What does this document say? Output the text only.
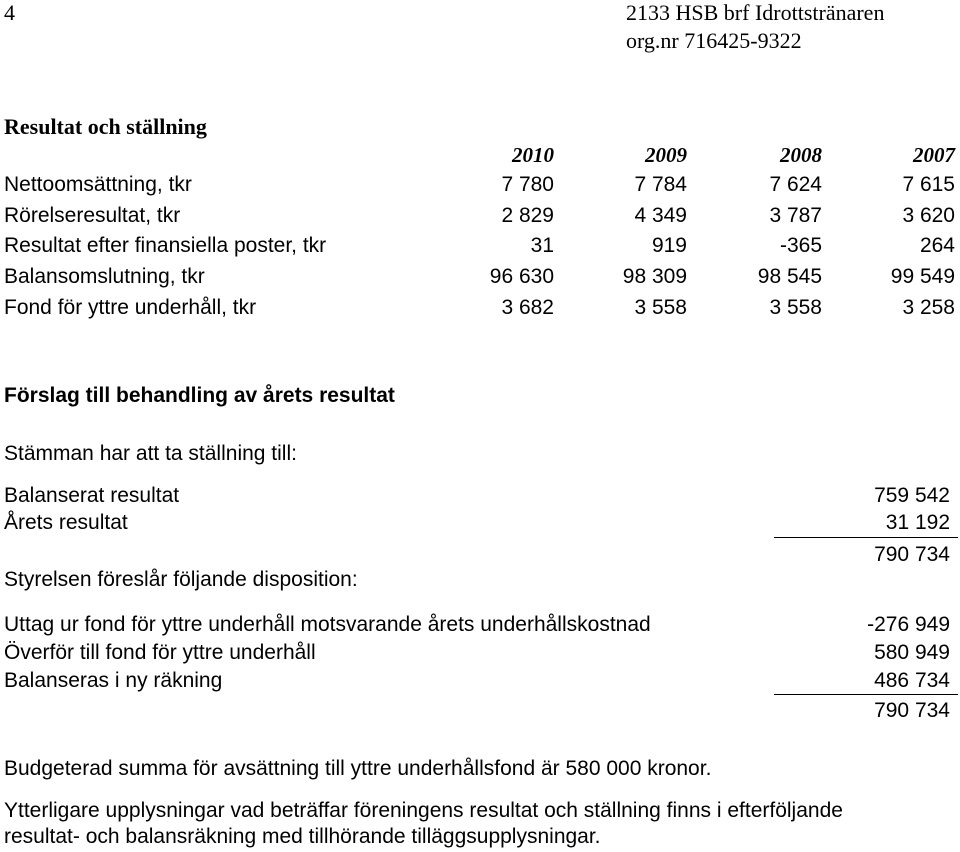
4	2133 HSB brf Idrottstränaren
org.nr 716425-9322
Resultat och ställning
2010	2009	2008	2007
Nettoomsättning, tkr	7 780	7 784	7 624	7 615
Rörelseresultat, tkr	2 829	4 349	3 787	3 620
Resultat efter finansiella poster, tkr	31	919	-365	264
Balansomslutning, tkr	96 630	98 309	98 545	99 549
Fond för yttre underhåll, tkr	3 682	3 558	3 558	3 258
Förslag till behandling av årets resultat
Stämman har att ta ställning till:
Balanserat resultat	759 542
Årets resultat	31 192
790 734
Styrelsen föreslår följande disposition:
Uttag ur fond för yttre underhåll motsvarande årets underhållskostnad	-276 949
Överför till fond för yttre underhåll	580 949
Balanseras i ny räkning	486 734
790 734
Budgeterad summa för avsättning till yttre underhållsfond är 580 000 kronor.
Ytterligare upplysningar vad beträffar föreningens resultat och ställning finns i efterföljande
resultat- och balansräkning med tillhörande tilläggsupplysningar.
